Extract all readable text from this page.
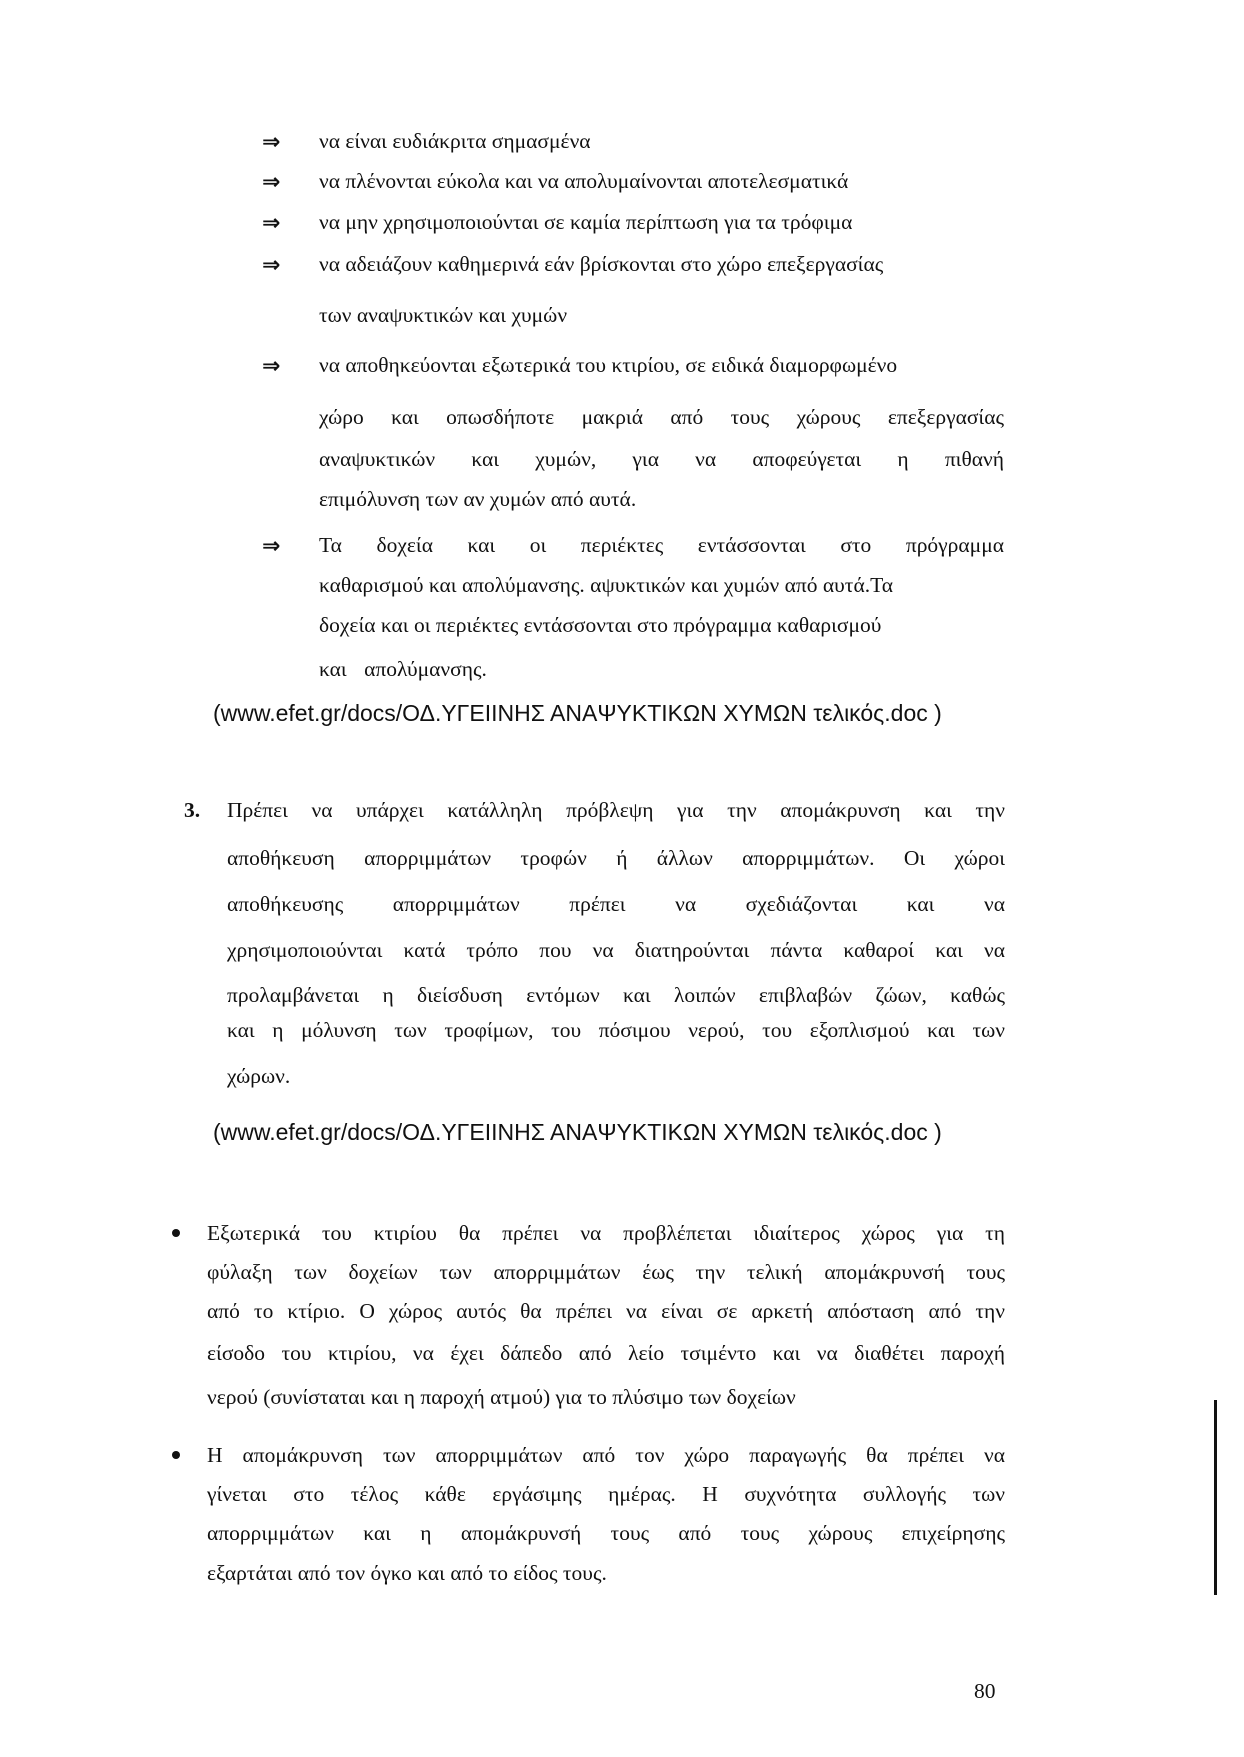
⇒ να είναι ευδιάκριτα σημασμένα
⇒ να πλένονται εύκολα και να απολυμαίνονται αποτελεσματικά
⇒ να μην χρησιμοποιούνται σε καμία περίπτωση για τα τρόφιμα
⇒ να αδειάζουν καθημερινά εάν βρίσκονται στο χώρο επεξεργασίας
των αναψυκτικών και χυμών
⇒ να αποθηκεύονται εξωτερικά του κτιρίου, σε ειδικά διαμορφωμένο
χώρο και οπωσδήποτε μακριά από τους χώρους επεξεργασίας
αναψυκτικών και χυμών, για να αποφεύγεται η πιθανή
επιμόλυνση των αν χυμών από αυτά.
⇒ Τα δοχεία και οι περιέκτες εντάσσονται στο πρόγραμμα
καθαρισμού και απολύμανσης. αψυκτικών και χυμών από αυτά.Τα
δοχεία και οι περιέκτες εντάσσονται στο πρόγραμμα καθαρισμού
και απολύμανσης.
(www.efet.gr/docs/ΟΔ.ΥΓΕΙΙΝΗΣ ΑΝΑΨΥΚΤΙΚΩΝ ΧΥΜΩΝ τελικός.doc )
3. Πρέπει να υπάρχει κατάλληλη πρόβλεψη για την απομάκρυνση και την
αποθήκευση απορριμμάτων τροφών ή άλλων απορριμμάτων. Οι χώροι
αποθήκευσης απορριμμάτων πρέπει να σχεδιάζονται και να
χρησιμοποιούνται κατά τρόπο που να διατηρούνται πάντα καθαροί και να
προλαμβάνεται η διείσδυση εντόμων και λοιπών επιβλαβών ζώων, καθώς
και η μόλυνση των τροφίμων, του πόσιμου νερού, του εξοπλισμού και των
χώρων.
(www.efet.gr/docs/ΟΔ.ΥΓΕΙΙΝΗΣ ΑΝΑΨΥΚΤΙΚΩΝ ΧΥΜΩΝ τελικός.doc )
Εξωτερικά του κτιρίου θα πρέπει να προβλέπεται ιδιαίτερος χώρος για τη
φύλαξη των δοχείων των απορριμμάτων έως την τελική απομάκρυνσή τους
από το κτίριο. Ο χώρος αυτός θα πρέπει να είναι σε αρκετή απόσταση από την
είσοδο του κτιρίου, να έχει δάπεδο από λείο τσιμέντο και να διαθέτει παροχή
νερού (συνίσταται και η παροχή ατμού) για το πλύσιμο των δοχείων
Η απομάκρυνση των απορριμμάτων από τον χώρο παραγωγής θα πρέπει να
γίνεται στο τέλος κάθε εργάσιμης ημέρας. Η συχνότητα συλλογής των
απορριμμάτων και η απομάκρυνσή τους από τους χώρους επιχείρησης
εξαρτάται από τον όγκο και από το είδος τους.
80
